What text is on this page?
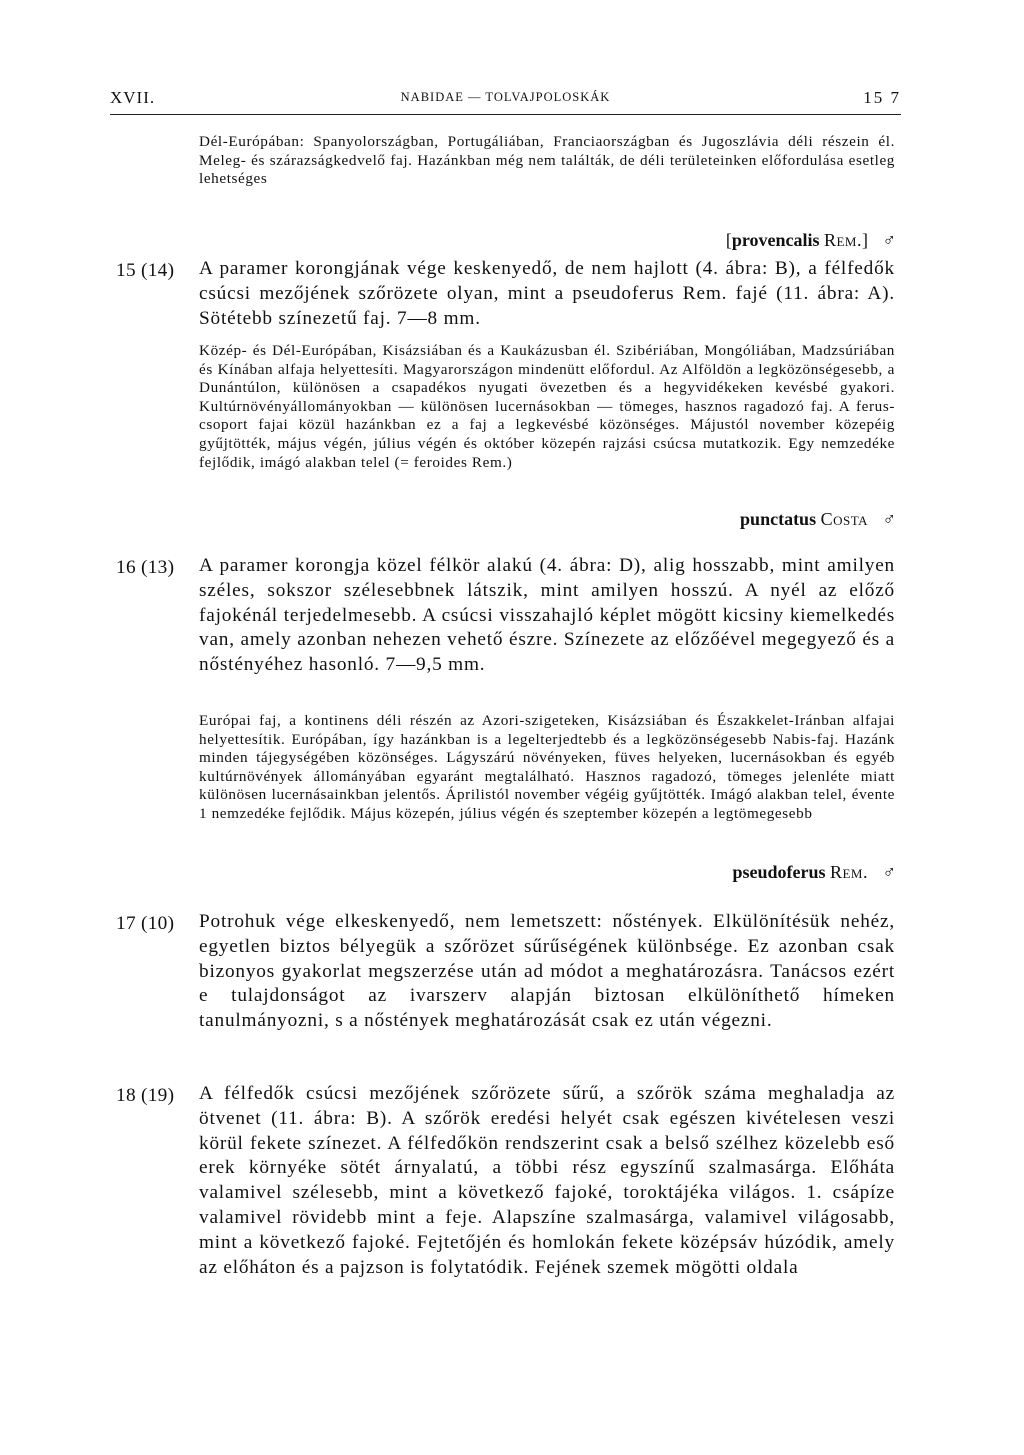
XVII.	NABIDAE — TOLVAJPOLOSKÁK	15 7
Dél-Európában: Spanyolországban, Portugáliában, Franciaországban és Jugoszlávia déli részein él. Meleg- és szárazságkedvelő faj. Hazánkban még nem találták, de déli területeinken előfordulása esetleg lehetséges
[provencalis Rem.] ♂
15 (14) A paramer korongjának vége keskenyedő, de nem hajlott (4. ábra: B), a félfedők csúcsi mezőjének szőrözete olyan, mint a pseudoferus Rem. fajé (11. ábra: A). Sötétebb színezetű faj. 7—8 mm.
Közép- és Dél-Európában, Kisázsiában és a Kaukázusban él. Szibériában, Mongóliában, Madzsúriában és Kínában alfaja helyettesíti. Magyarországon mindenütt előfordul. Az Alföldön a legközönségesebb, a Dunántúlon, különösen a csapadékos nyugati övezetben és a hegyvidékeken kevésbé gyakori. Kultúrnövényállományokban — különösen lucernásokban — tömeges, hasznos ragadozó faj. A ferus-csoport fajai közül hazánkban ez a faj a legkevésbé közönséges. Májustól november közepéig gyűjtötték, május végén, július végén és október közepén rajzási csúcsa mutatkozik. Egy nemzedéke fejlődik, imágó alakban telel (= feroides Rem.)
punctatus Costa ♂
16 (13) A paramer korongja közel félkör alakú (4. ábra: D), alig hosszabb, mint amilyen széles, sokszor szélesebbnek látszik, mint amilyen hosszú. A nyél az előző fajokénál terjedelmesebb. A csúcsi visszahajló képlet mögött kicsiny kiemelkedés van, amely azonban nehezen vehető észre. Színezete az előzőével megegyező és a nőstényéhez hasonló. 7—9,5 mm.
Európai faj, a kontinens déli részén az Azori-szigeteken, Kisázsiában és Északkelet-Iránban alfajai helyettesítik. Európában, így hazánkban is a legelterjedtebb és a legközönségesebb Nabis-faj. Hazánk minden tájegységében közönséges. Lágyszárú növényeken, füves helyeken, lucernásokban és egyéb kultúrnövények állományában egyaránt megtalálható. Hasznos ragadozó, tömeges jelenléte miatt különösen lucernásainkban jelentős. Áprilistól november végéig gyűjtötték. Imágó alakban telel, évente 1 nemzedéke fejlődik. Május közepén, július végén és szeptember közepén a legtömegesebb
pseudoferus Rem. ♂
17 (10) Potrohuk vége elkeskenyedő, nem lemetszett: nőstények. Elkülönítésük nehéz, egyetlen biztos bélyegük a szőrözet sűrűségének különbsége. Ez azonban csak bizonyos gyakorlat megszerzése után ad módot a meghatározásra. Tanácsos ezért e tulajdonságot az ivarszerv alapján biztosan elkülöníthető hímeken tanulmányozni, s a nőstények meghatározását csak ez után végezni.
18 (19) A félfedők csúcsi mezőjének szőrözete sűrű, a szőrök száma meghaladja az ötvenet (11. ábra: B). A szőrök eredési helyét csak egészen kivételesen veszi körül fekete színezet. A félfedőkön rendszerint csak a belső szélhez közelebb eső erek környéke sötét árnyalatú, a többi rész egyszínű szalmasárga. Előháta valamivel szélesebb, mint a következő fajoké, toroktájéka világos. 1. csápíze valamivel rövidebb mint a feje. Alapszíne szalmasárga, valamivel világosabb, mint a következő fajoké. Fejtetőjén és homlokán fekete középsáv húzódik, amely az előháton és a pajzson is folytatódik. Fejének szemek mögötti oldala
